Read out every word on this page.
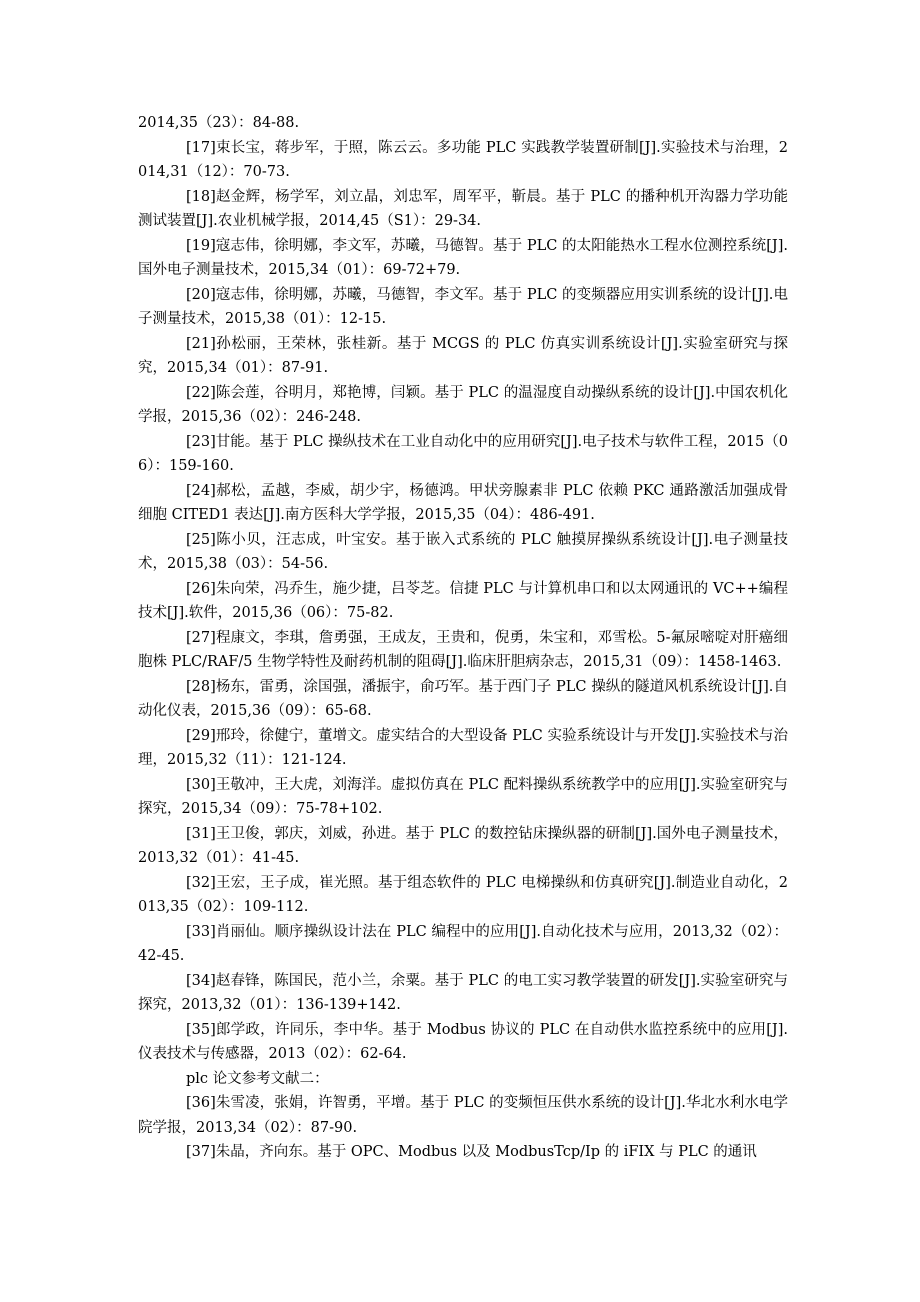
2014,35（23）：84-88.

[17]束长宝，蒋步军，于照，陈云云。多功能 PLC 实践教学装置研制[J].实验技术与治理，2014,31（12）：70-73.

[18]赵金辉，杨学军，刘立晶，刘忠军，周军平，靳晨。基于 PLC 的播种机开沟器力学功能测试装置[J].农业机械学报，2014,45（S1）：29-34.

[19]寇志伟，徐明娜，李文军，苏曦，马德智。基于 PLC 的太阳能热水工程水位测控系统[J].国外电子测量技术，2015,34（01）：69-72+79.

[20]寇志伟，徐明娜，苏曦，马德智，李文军。基于 PLC 的变频器应用实训系统的设计[J].电子测量技术，2015,38（01）：12-15.

[21]孙松丽，王荣林，张桂新。基于 MCGS 的 PLC 仿真实训系统设计[J].实验室研究与探究，2015,34（01）：87-91.

[22]陈会莲，谷明月，郑艳博，闫颖。基于 PLC 的温湿度自动操纵系统的设计[J].中国农机化学报，2015,36（02）：246-248.

[23]甘能。基于 PLC 操纵技术在工业自动化中的应用研究[J].电子技术与软件工程，2015（06）：159-160.

[24]郝松，孟越，李威，胡少宇，杨德鸿。甲状旁腺素非 PLC 依赖 PKC 通路激活加强成骨细胞 CITED1 表达[J].南方医科大学学报，2015,35（04）：486-491.

[25]陈小贝，汪志成，叶宝安。基于嵌入式系统的 PLC 触摸屏操纵系统设计[J].电子测量技术，2015,38（03）：54-56.

[26]朱向荣，冯乔生，施少捷，吕苓芝。信捷 PLC 与计算机串口和以太网通讯的 VC++编程技术[J].软件，2015,36（06）：75-82.

[27]程康文，李琪，詹勇强，王成友，王贵和，倪勇，朱宝和，邓雪松。5-氟尿嘧啶对肝癌细胞株 PLC/RAF/5 生物学特性及耐药机制的阻碍[J].临床肝胆病杂志，2015,31（09）：1458-1463.

[28]杨东，雷勇，涂国强，潘振宇，俞巧军。基于西门子 PLC 操纵的隧道风机系统设计[J].自动化仪表，2015,36（09）：65-68.

[29]邢玲，徐健宁，董增文。虚实结合的大型设备 PLC 实验系统设计与开发[J].实验技术与治理，2015,32（11）：121-124.

[30]王敬冲，王大虎，刘海洋。虚拟仿真在 PLC 配料操纵系统教学中的应用[J].实验室研究与探究，2015,34（09）：75-78+102.

[31]王卫俊，郭庆，刘威，孙进。基于 PLC 的数控钻床操纵器的研制[J].国外电子测量技术，2013,32（01）：41-45.

[32]王宏，王子成，崔光照。基于组态软件的 PLC 电梯操纵和仿真研究[J].制造业自动化，2013,35（02）：109-112.

[33]肖丽仙。顺序操纵设计法在 PLC 编程中的应用[J].自动化技术与应用，2013,32（02）：42-45.

[34]赵春锋，陈国民，范小兰，余粟。基于 PLC 的电工实习教学装置的研发[J].实验室研究与探究，2013,32（01）：136-139+142.

[35]郎学政，许同乐，李中华。基于 Modbus 协议的 PLC 在自动供水监控系统中的应用[J].仪表技术与传感器，2013（02）：62-64.

plc 论文参考文献二：

[36]朱雪凌，张娟，许智勇，平增。基于 PLC 的变频恒压供水系统的设计[J].华北水利水电学院学报，2013,34（02）：87-90.

[37]朱晶，齐向东。基于 OPC、Modbus 以及 ModbusTcp/Ip 的 iFIX 与 PLC 的通讯
